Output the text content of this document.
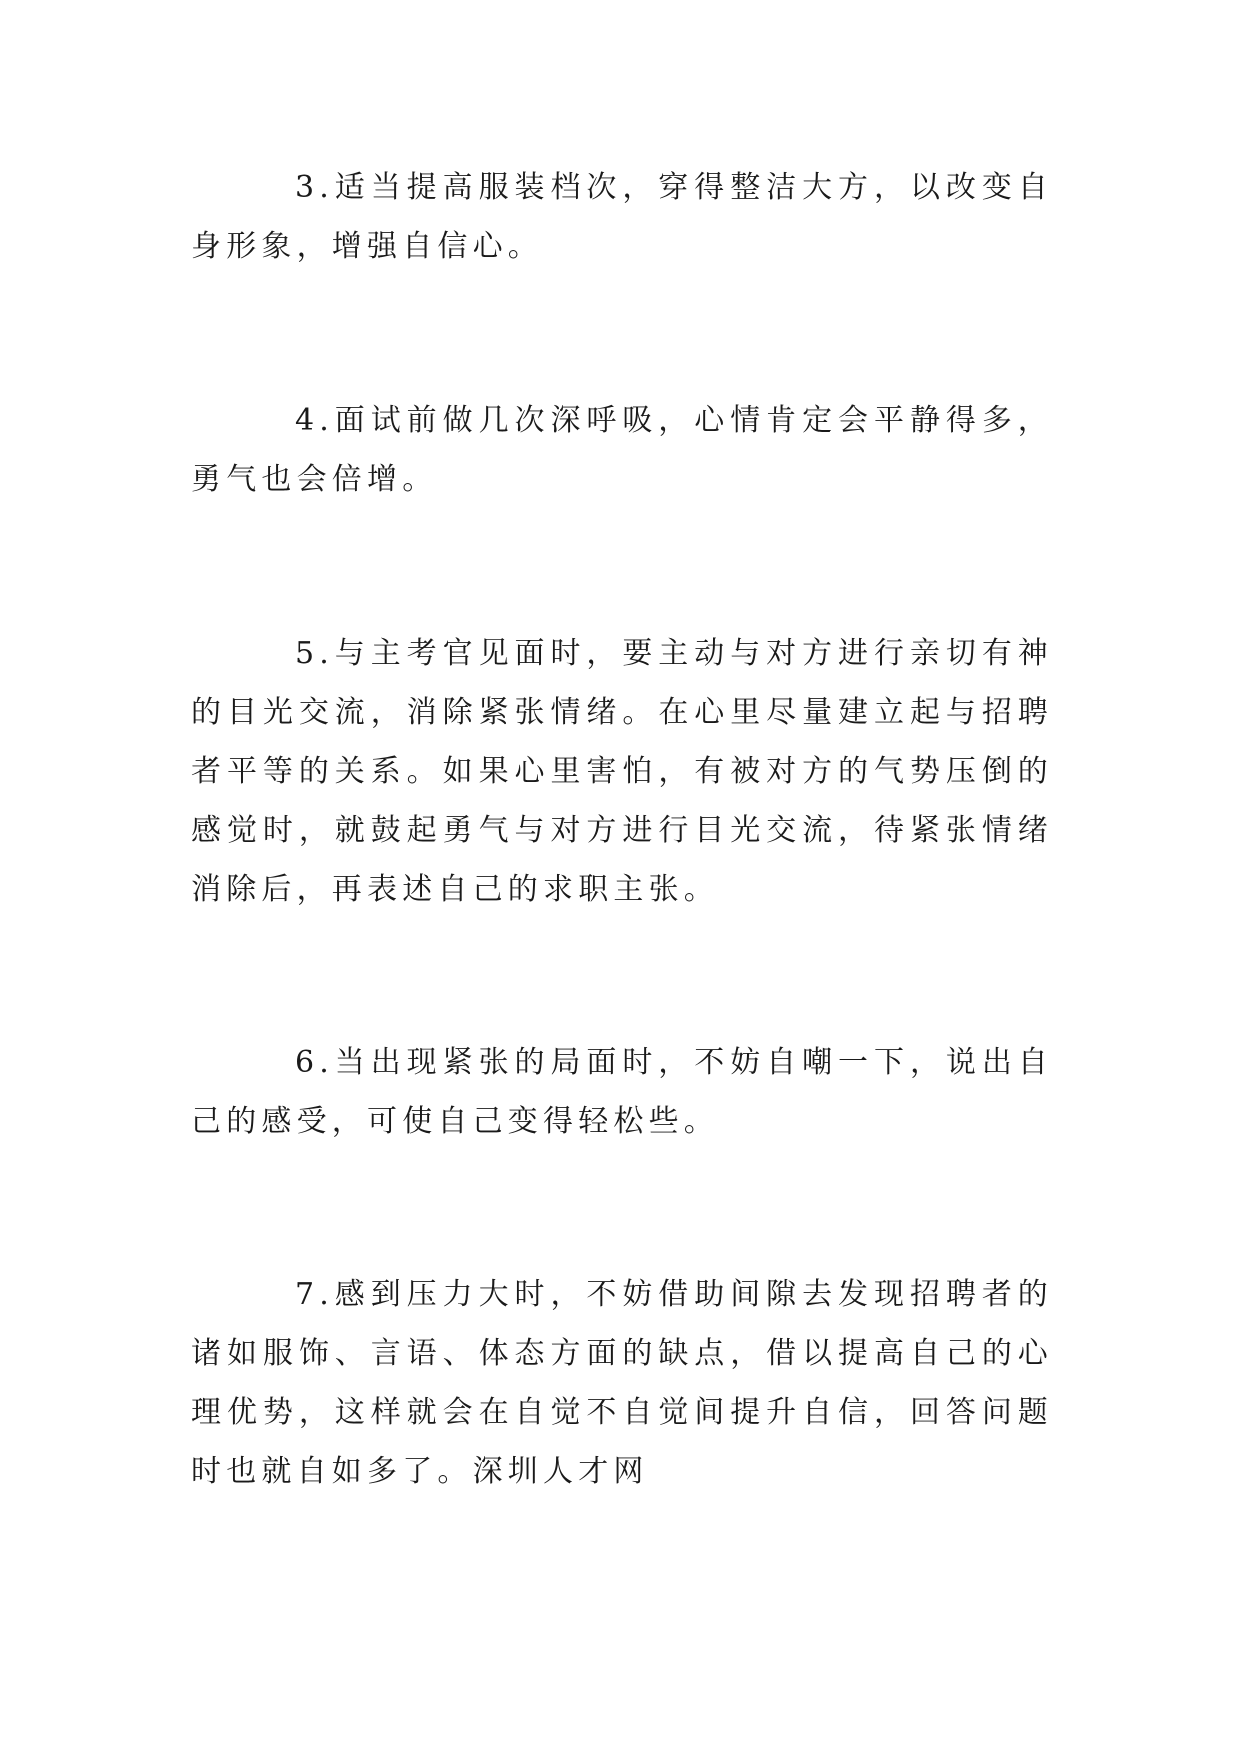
3.适当提高服装档次，穿得整洁大方，以改变自身形象，增强自信心。

4.面试前做几次深呼吸，心情肯定会平静得多，勇气也会倍增。

5.与主考官见面时，要主动与对方进行亲切有神的目光交流，消除紧张情绪。在心里尽量建立起与招聘者平等的关系。如果心里害怕，有被对方的气势压倒的感觉时，就鼓起勇气与对方进行目光交流，待紧张情绪消除后，再表述自己的求职主张。

6.当出现紧张的局面时，不妨自嘲一下，说出自己的感受，可使自己变得轻松些。

7.感到压力大时，不妨借助间隙去发现招聘者的诸如服饰、言语、体态方面的缺点，借以提高自己的心理优势，这样就会在自觉不自觉间提升自信，回答问题时也就自如多了。深圳人才网
